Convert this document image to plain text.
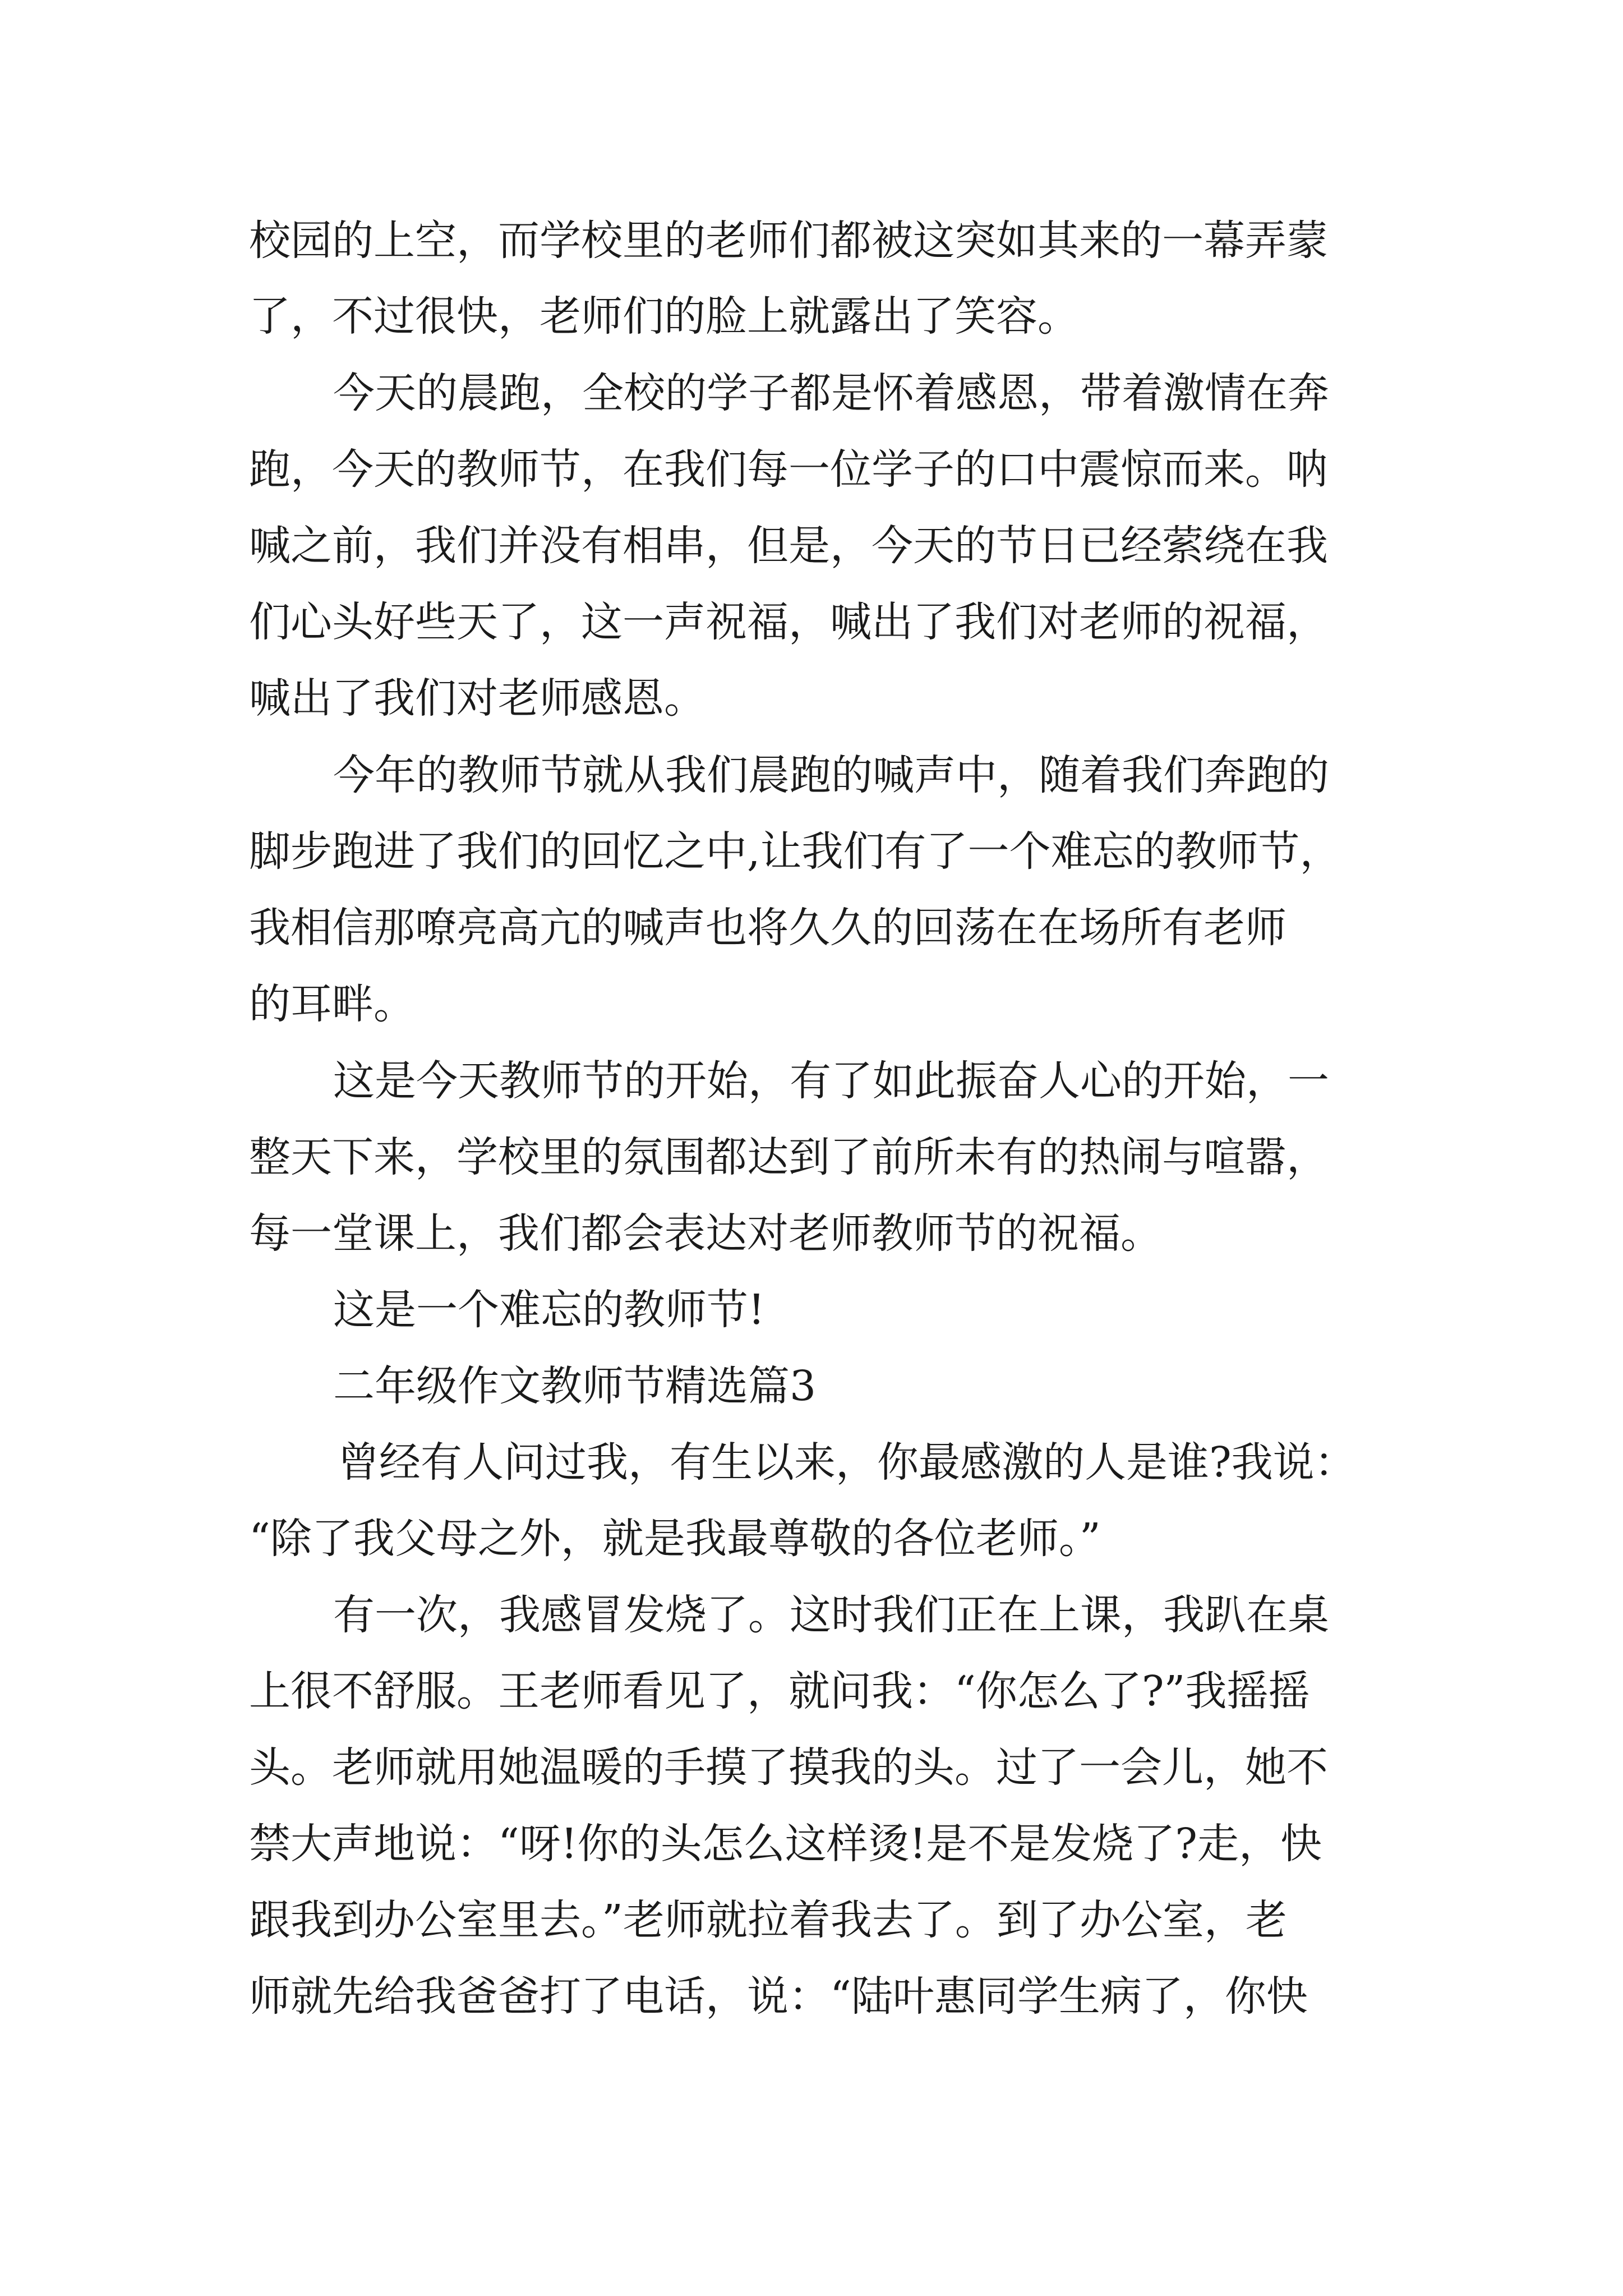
校园的上空，而学校里的老师们都被这突如其来的一幕弄蒙

了，不过很快，老师们的脸上就露出了笑容。

今天的晨跑，全校的学子都是怀着感恩，带着激情在奔

跑，今天的教师节，在我们每一位学子的口中震惊而来。呐

喊之前，我们并没有相串，但是，今天的节日已经萦绕在我

们心头好些天了，这一声祝福，喊出了我们对老师的祝福，

喊出了我们对老师感恩。

今年的教师节就从我们晨跑的喊声中，随着我们奔跑的

脚步跑进了我们的回忆之中,让我们有了一个难忘的教师节，

我相信那嘹亮高亢的喊声也将久久的回荡在在场所有老师

的耳畔。

这是今天教师节的开始，有了如此振奋人心的开始，一

整天下来，学校里的氛围都达到了前所未有的热闹与喧嚣，

每一堂课上，我们都会表达对老师教师节的祝福。

这是一个难忘的教师节!

二年级作文教师节精选篇3

曾经有人问过我，有生以来，你最感激的人是谁?我说：

“除了我父母之外，就是我最尊敬的各位老师。”

有一次，我感冒发烧了。这时我们正在上课，我趴在桌

上很不舒服。王老师看见了，就问我：“你怎么了?”我摇摇

头。老师就用她温暖的手摸了摸我的头。过了一会儿，她不

禁大声地说：“呀!你的头怎么这样烫!是不是发烧了?走，快

跟我到办公室里去。”老师就拉着我去了。到了办公室，老

师就先给我爸爸打了电话，说：“陆叶惠同学生病了，你快
